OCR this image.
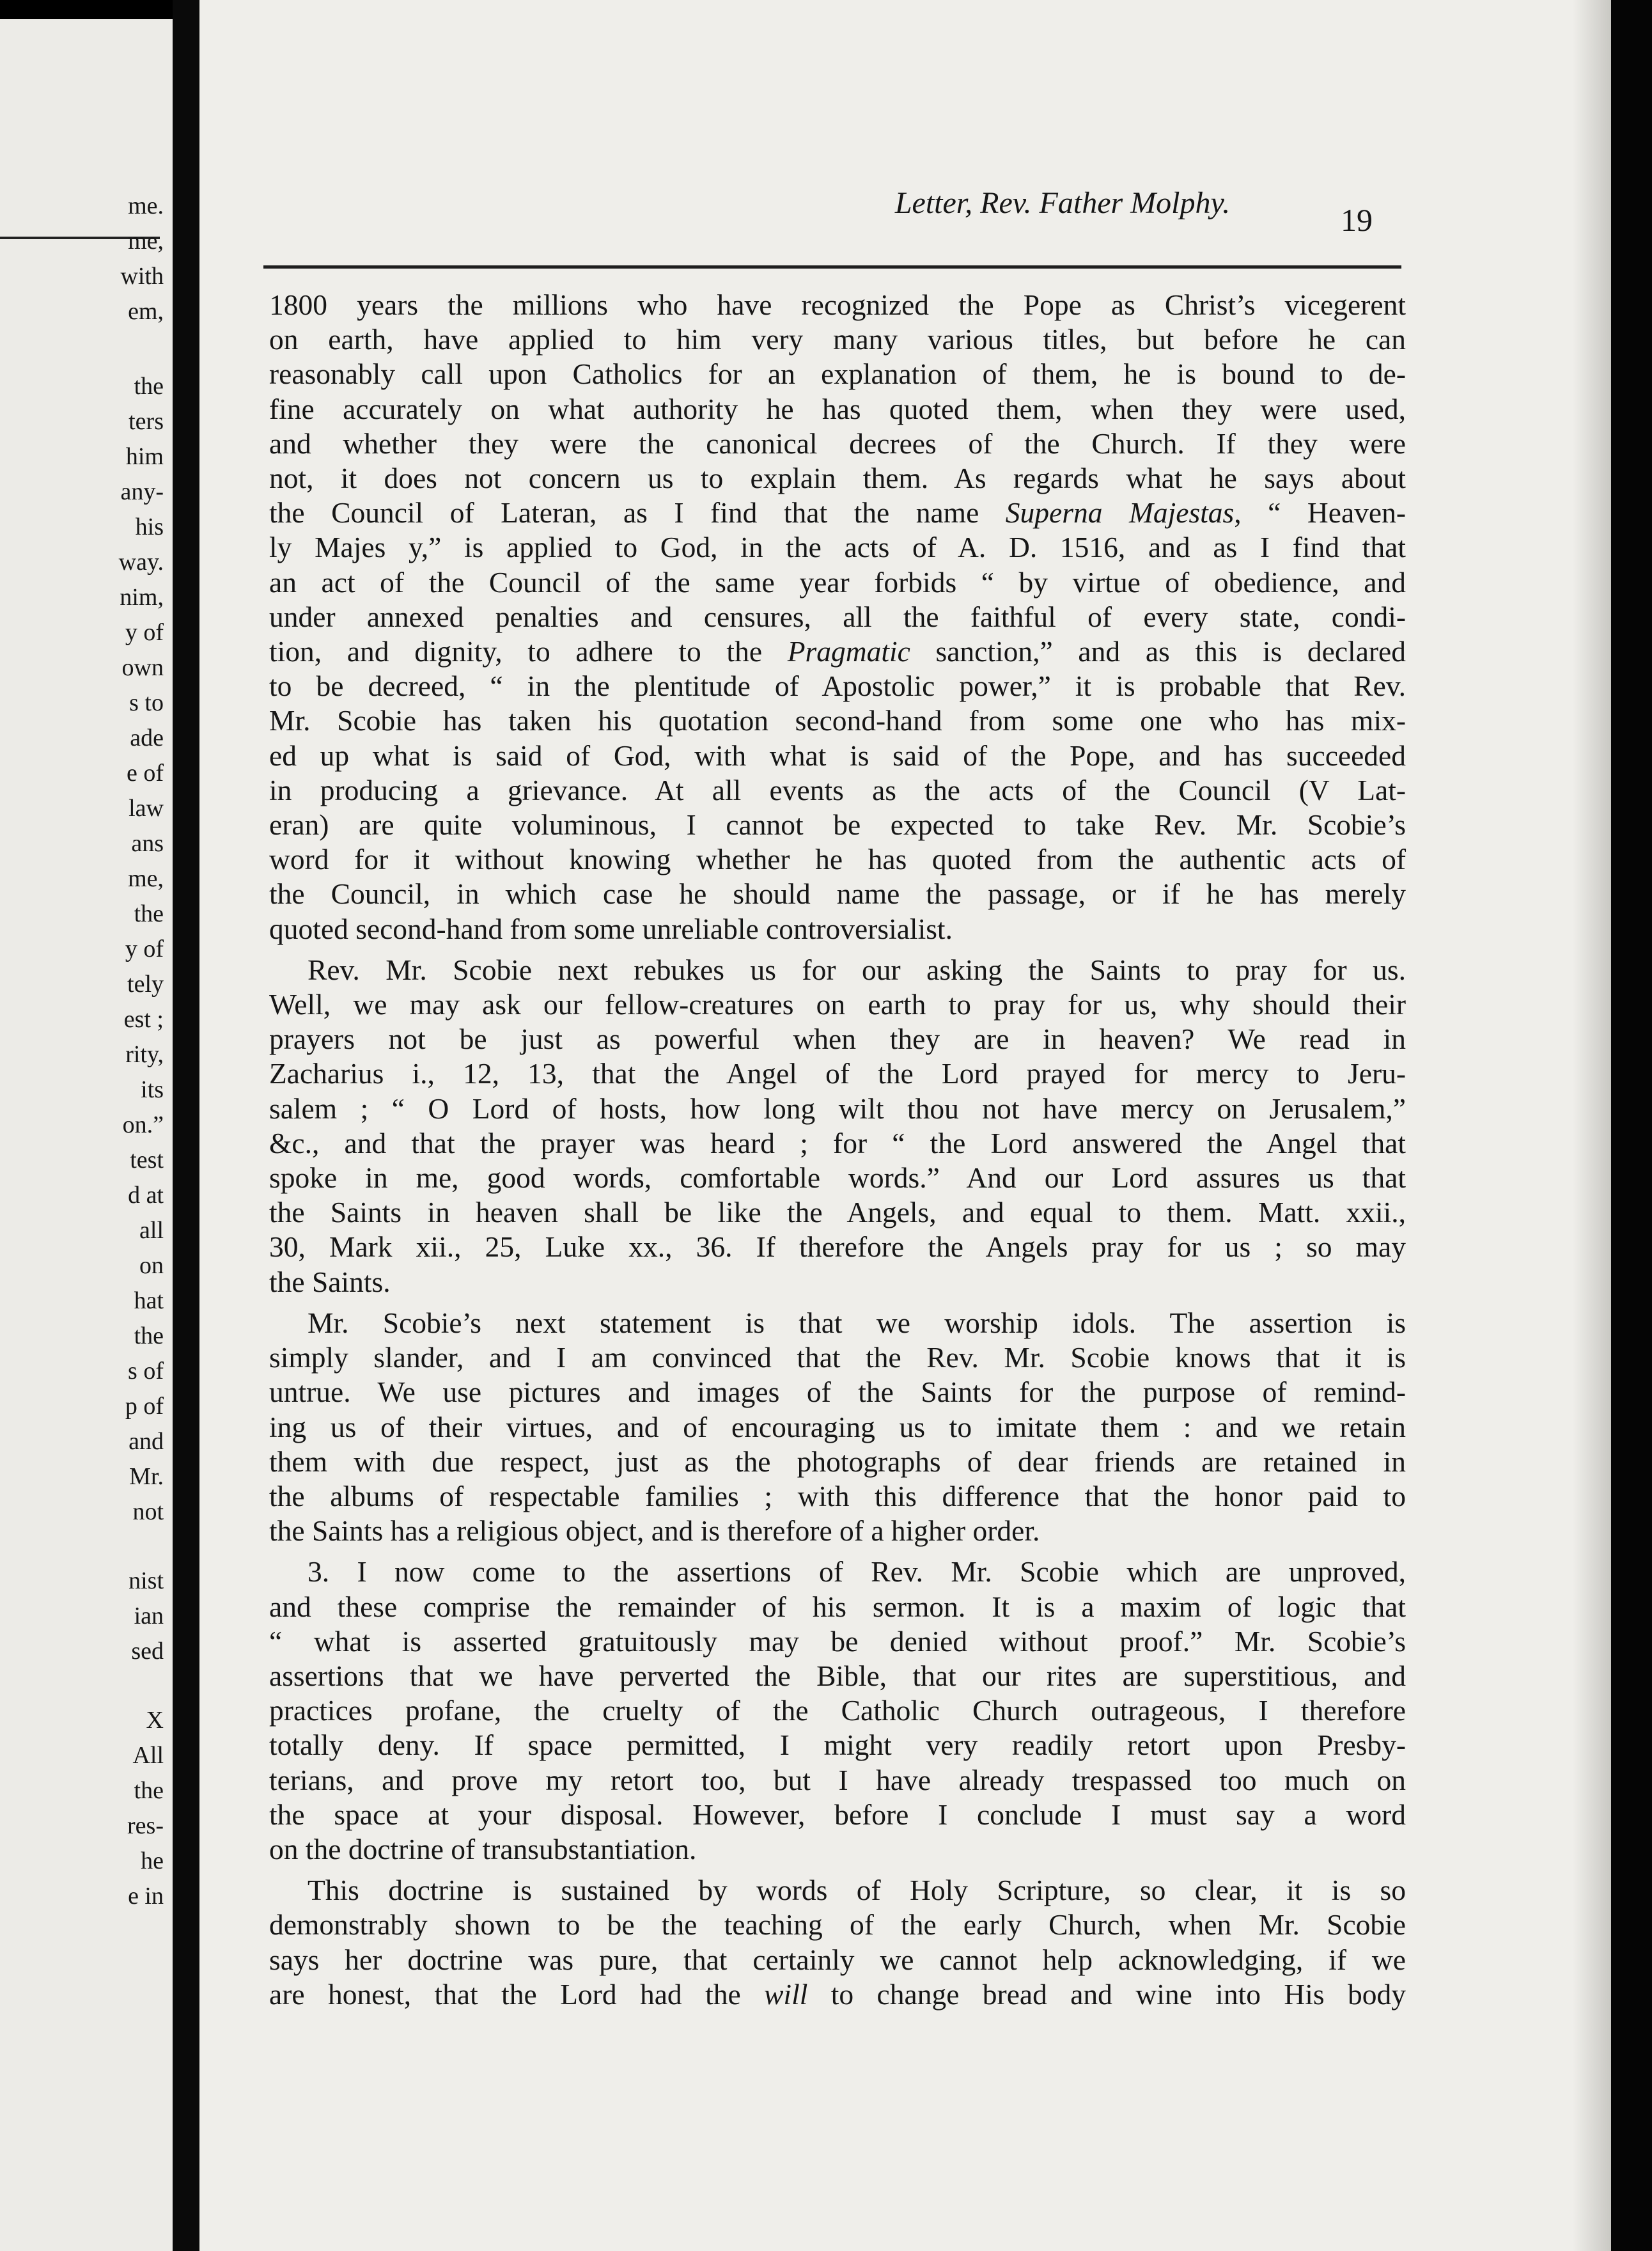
me.
me,
with
em,
the
ters
him
any-
his
way.
nim,
y of
own
s to
ade
e of
law
ans
me,
the
y of
tely
est ;
rity,
its
on.”
test
d at
all
on
hat
the
s of
p of
and
Mr.
not
nist
ian
sed
X
All
the
res-
he
e in
Letter, Rev. Father Molphy.	19
1800 years the millions who have recognized the Pope as Christ’s vicegerent
on earth, have applied to him very many various titles, but before he can
reasonably call upon Catholics for an explanation of them, he is bound to de-
fine accurately on what authority he has quoted them, when they were used,
and whether they were the canonical decrees of the Church. If they were
not, it does not concern us to explain them. As regards what he says about
the Council of Lateran, as I find that the name Superna Majestas, “ Heaven-
ly Majes y,” is applied to God, in the acts of A. D. 1516, and as I find that
an act of the Council of the same year forbids “ by virtue of obedience, and
under annexed penalties and censures, all the faithful of every state, condi-
tion, and dignity, to adhere to the Pragmatic sanction,” and as this is declared
to be decreed, “ in the plentitude of Apostolic power,” it is probable that Rev.
Mr. Scobie has taken his quotation second-hand from some one who has mix-
ed up what is said of God, with what is said of the Pope, and has succeeded
in producing a grievance. At all events as the acts of the Council (V Lat-
eran) are quite voluminous, I cannot be expected to take Rev. Mr. Scobie’s
word for it without knowing whether he has quoted from the authentic acts of
the Council, in which case he should name the passage, or if he has merely
quoted second-hand from some unreliable controversialist.
Rev. Mr. Scobie next rebukes us for our asking the Saints to pray for us.
Well, we may ask our fellow-creatures on earth to pray for us, why should their
prayers not be just as powerful when they are in heaven? We read in
Zacharius i., 12, 13, that the Angel of the Lord prayed for mercy to Jeru-
salem ; “ O Lord of hosts, how long wilt thou not have mercy on Jerusalem,”
&c., and that the prayer was heard ; for “ the Lord answered the Angel that
spoke in me, good words, comfortable words.” And our Lord assures us that
the Saints in heaven shall be like the Angels, and equal to them. Matt. xxii.,
30, Mark xii., 25, Luke xx., 36. If therefore the Angels pray for us ; so may
the Saints.
Mr. Scobie’s next statement is that we worship idols. The assertion is
simply slander, and I am convinced that the Rev. Mr. Scobie knows that it is
untrue. We use pictures and images of the Saints for the purpose of remind-
ing us of their virtues, and of encouraging us to imitate them : and we retain
them with due respect, just as the photographs of dear friends are retained in
the albums of respectable families ; with this difference that the honor paid to
the Saints has a religious object, and is therefore of a higher order.
3. I now come to the assertions of Rev. Mr. Scobie which are unproved,
and these comprise the remainder of his sermon. It is a maxim of logic that
“ what is asserted gratuitously may be denied without proof.” Mr. Scobie’s
assertions that we have perverted the Bible, that our rites are superstitious, and
practices profane, the cruelty of the Catholic Church outrageous, I therefore
totally deny. If space permitted, I might very readily retort upon Presby-
terians, and prove my retort too, but I have already trespassed too much on
the space at your disposal. However, before I conclude I must say a word
on the doctrine of transubstantiation.
This doctrine is sustained by words of Holy Scripture, so clear, it is so
demonstrably shown to be the teaching of the early Church, when Mr. Scobie
says her doctrine was pure, that certainly we cannot help acknowledging, if we
are honest, that the Lord had the will to change bread and wine into His body
